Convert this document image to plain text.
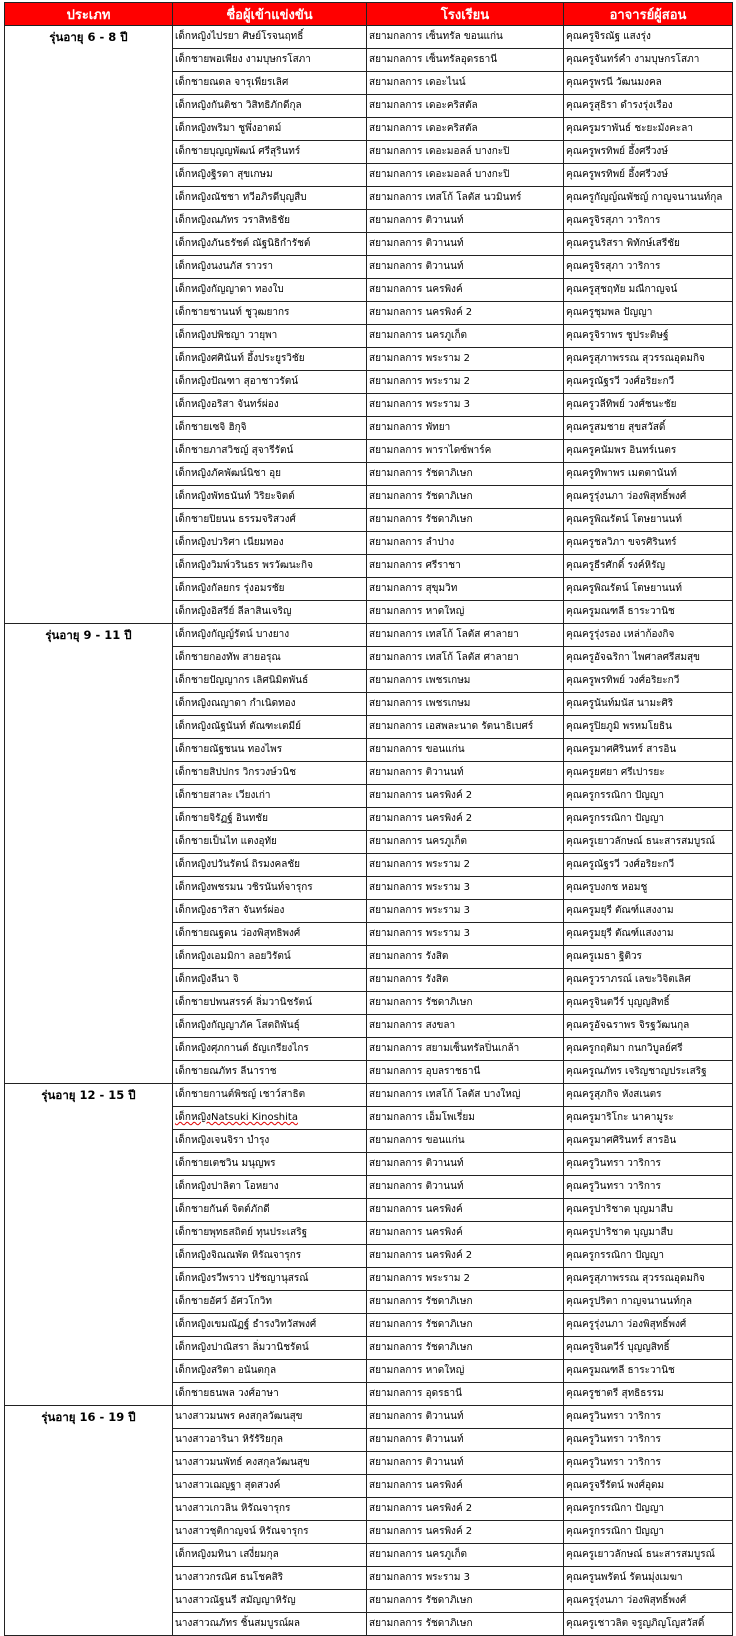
ประเภท	ชื่อผู้เข้าแข่งขัน	โรงเรียน	อาจารย์ผู้สอน
รุ่นอายุ 6 - 8 ปี	เด็กหญิงไปรยา ศิษย์โรจนฤทธิ์	สยามกลการ เซ็นทรัล ขอนแก่น	คุณครูจิรณัฐ แสงรุ่ง
	เด็กชายพอเพียง งามบุษกรโสภา	สยามกลการ เซ็นทรัลอุดรธานี	คุณครูจันทร์คำ งามบุษกรโสภา
	เด็กชายณดล จารุเพียรเลิศ	สยามกลการ เดอะไนน์	คุณครูพรนี วัฒนมงคล
	เด็กหญิงกันติชา วิสิทธิภักดีกุล	สยามกลการ เดอะคริสตัล	คุณครูสุธิรา ดำรงรุ่งเรือง
	เด็กหญิงพริมา ชูพึ่งอาตม์	สยามกลการ เดอะคริสตัล	คุณครูมราพันธ์ ชะยะมังคะลา
	เด็กชายบุญญพัฒน์ ศรีสุรินทร์	สยามกลการ เดอะมอลล์ บางกะปิ	คุณครูพรทิพย์ อึ้งศรีวงษ์
	เด็กหญิงฐิรดา สุขเกษม	สยามกลการ เดอะมอลล์ บางกะปิ	คุณครูพรทิพย์ อึ้งศรีวงษ์
	เด็กหญิงณัชชา ทวีอภิรดีบุญสืบ	สยามกลการ เทสโก้ โลตัส นวมินทร์	คุณครูกัญญ์ณพัชญ์ กาญจนานนท์กุล
	เด็กหญิงณภัทร วราสิทธิชัย	สยามกลการ ติวานนท์	คุณครูจิรสุภา วาริการ
	เด็กหญิงภันธรัชต์ ณัฐนิธิกำรัชต์	สยามกลการ ติวานนท์	คุณครูนริสรา พิทักษ์เสรีชัย
	เด็กหญิงนงนภัส ราวรา	สยามกลการ ติวานนท์	คุณครูจิรสุภา วาริการ
	เด็กหญิงกัญญาดา ทองใบ	สยามกลการ นครพิงค์	คุณครูสุชฤทัย มณีกาญจน์
	เด็กชายชานนท์ ชูวุฒยากร	สยามกลการ นครพิงค์ 2	คุณครูชุมพล ปัญญา
	เด็กหญิงปพิชญา วายุพา	สยามกลการ นครภูเก็ต	คุณครูจิราพร ชูประดิษฐ์
	เด็กหญิงศศินันท์ อึ้งประยูรวิชัย	สยามกลการ พระราม 2	คุณครูสุภาพรรณ สุวรรณอุดมกิจ
	เด็กหญิงปัณฑา สุอาชาวรัตน์	สยามกลการ พระราม 2	คุณครูณัฐรวี วงศ์อริยะกวี
	เด็กหญิงอริสา จันทร์ผ่อง	สยามกลการ พระราม 3	คุณครูวลีทิพย์ วงศ์ชนะชัย
	เด็กชายเซจิ ฮิกุจิ	สยามกลการ พัทยา	คุณครูสมชาย สุขสวัสดิ์
	เด็กชายภาสวิชญ์ สุจารีรัตน์	สยามกลการ พาราไดซ์พาร์ค	คุณครูคนัมพร อินทร์เนตร
	เด็กหญิงภัคพัฒน์นิชา อุย	สยามกลการ รัชดาภิเษก	คุณครูทิพาพร เมตตานันท์
	เด็กหญิงพัทธนันท์ วิริยะจิตต์	สยามกลการ รัชดาภิเษก	คุณครูรุ่งนภา ว่องพิสุทธิ์พงศ์
	เด็กชายปิยนน ธรรมจริสวงศ์	สยามกลการ รัชดาภิเษก	คุณครูพิณรัตน์ โตษยานนท์
	เด็กหญิงปวริศา เนียมทอง	สยามกลการ ลำปาง	คุณครูชลวิภา ขจรศิรินทร์
	เด็กหญิงวิมพ์วรินธร พรวัฒนะกิจ	สยามกลการ ศรีราชา	คุณครูธีรศักดิ์ รงค์หิรัญ
	เด็กหญิงกัลยกร รุ่งอมรชัย	สยามกลการ สุขุมวิท	คุณครูพิณรัตน์ โตษยานนท์
	เด็กหญิงอิสรีย์ ลีลาสินเจริญ	สยามกลการ หาดใหญ่	คุณครูมณฑลี ธาระวานิช
รุ่นอายุ 9 - 11 ปี	เด็กหญิงกัญญ์รัตน์ บางยาง	สยามกลการ เทสโก้ โลตัส ศาลายา	คุณครูรุ่งรอง เหล่าก้องกิจ
	เด็กชายกองทัพ สายอรุณ	สยามกลการ เทสโก้ โลตัส ศาลายา	คุณครูอัจฉริกา ไพศาลศรีสมสุข
	เด็กชายปัญญากร เลิศนิมิตพันธ์	สยามกลการ เพชรเกษม	คุณครูพรทิพย์ วงศ์อริยะกวี
	เด็กหญิงณญาดา กำเนิดทอง	สยามกลการ เพชรเกษม	คุณครูนันท์มนัส นามะศิริ
	เด็กหญิงณัฐนันท์ ตัณฑะเตมีย์	สยามกลการ เอสพละนาด รัตนาธิเบศร์	คุณครูปิยภูมิ พรหมโยธิน
	เด็กชายณัฐชนน ทองไพร	สยามกลการ ขอนแก่น	คุณครูมาศศิรินทร์ สารอิน
	เด็กชายสิปปกร วิกรวงษ์วนิช	สยามกลการ ติวานนท์	คุณครูยศยา ศรีเปารยะ
	เด็กชายสาละ เวียงเก่า	สยามกลการ นครพิงค์ 2	คุณครูกรรณิกา ปัญญา
	เด็กชายจิรัฏฐ์ อินทชัย	สยามกลการ นครพิงค์ 2	คุณครูกรรณิกา ปัญญา
	เด็กชายเป็นไท แตงอุทัย	สยามกลการ นครภูเก็ต	คุณครูเยาวลักษณ์ ธนะสารสมบูรณ์
	เด็กหญิงปวันรัตน์ ถิรมงคลชัย	สยามกลการ พระราม 2	คุณครูณัฐรวี วงศ์อริยะกวี
	เด็กหญิงพชรมน วชิรนันท์จารุกร	สยามกลการ พระราม 3	คุณครูบงกช หอมชู
	เด็กหญิงธาริสา จันทร์ผ่อง	สยามกลการ พระราม 3	คุณครูมยุรี ตัณฑ์แสงงาม
	เด็กชายณฐดน ว่องพิสุทธิพงศ์	สยามกลการ พระราม 3	คุณครูมยุรี ตัณฑ์แสงงาม
	เด็กหญิงเอมมิกา ลอยวิรัตน์	สยามกลการ รังสิต	คุณครูเมธา ฐิติวร
	เด็กหญิงลีนา จิ	สยามกลการ รังสิต	คุณครูวราภรณ์ เลขะวิจิตเลิศ
	เด็กชายปพนสรรค์ ลิ่มวานิชรัตน์	สยามกลการ รัชดาภิเษก	คุณครูจินตวีร์ บุญญสิทธิ์
	เด็กหญิงกัญญาภัค โสตถิพันธุ์	สยามกลการ สงขลา	คุณครูอัจฉราพร จิรฐวัฒนกุล
	เด็กหญิงศุภกานต์ ธัญเกรียงไกร	สยามกลการ สยามเซ็นทรัลปิ่นเกล้า	คุณครูกฤติมา กนกวิบูลย์ศรี
	เด็กชายณภัทร ลีนาราช	สยามกลการ อุบลราชธานี	คุณครูณภัทร เจริญชาญประเสริฐ
รุ่นอายุ 12 - 15 ปี	เด็กชายกานต์พิชญ์ เชาว์สาธิต	สยามกลการ เทสโก้ โลตัส บางใหญ่	คุณครูสุภกิจ หังสเนตร
	เด็กหญิงNatsuki Kinoshita	สยามกลการ เอ็มโพเรี่ยม	คุณครูมาริโกะ นาคามูระ
	เด็กหญิงเจนจิรา บำรุง	สยามกลการ ขอนแก่น	คุณครูมาศศิรินทร์ สารอิน
	เด็กชายเตชวิน มนุญพร	สยามกลการ ติวานนท์	คุณครูวินทรา วาริการ
	เด็กหญิงปาลิตา โอหยาง	สยามกลการ ติวานนท์	คุณครูวินทรา วาริการ
	เด็กชายกันต์ จิตต์ภักดี	สยามกลการ นครพิงค์	คุณครูปาริชาต บุญมาสืบ
	เด็กชายพุทธสถิตย์ ทุนประเสริฐ	สยามกลการ นครพิงค์	คุณครูปาริชาต บุญมาสืบ
	เด็กหญิงจิณณพัต หิรัณจารุกร	สยามกลการ นครพิงค์ 2	คุณครูกรรณิกา ปัญญา
	เด็กหญิงรวีพราว ปรัชญานุสรณ์	สยามกลการ พระราม 2	คุณครูสุภาพรรณ สุวรรณอุดมกิจ
	เด็กชายอัศว์ อัศวโกวิท	สยามกลการ รัชดาภิเษก	คุณครูปริตา กาญจนานนท์กุล
	เด็กหญิงเขมณัฏฐ์ ธำรงวิทวัสพงศ์	สยามกลการ รัชดาภิเษก	คุณครูรุ่งนภา ว่องพิสุทธิ์พงศ์
	เด็กหญิงปาณิสรา ลิ่มวานิชรัตน์	สยามกลการ รัชดาภิเษก	คุณครูจินตวีร์ บุญญสิทธิ์
	เด็กหญิงสริตา อนันตกุล	สยามกลการ หาดใหญ่	คุณครูมณฑลี ธาระวานิช
	เด็กชายธนพล วงศ์อาษา	สยามกลการ อุดรธานี	คุณครูชาตรี สุทธิธรรม
รุ่นอายุ 16 - 19 ปี	นางสาวมนพร คงสกุลวัฒนสุข	สยามกลการ ติวานนท์	คุณครูวินทรา วาริการ
	นางสาวอารินา หิรัรัริยกุล	สยามกลการ ติวานนท์	คุณครูวินทรา วาริการ
	นางสาวมนพัทธ์ คงสกุลวัฒนสุข	สยามกลการ ติวานนท์	คุณครูวินทรา วาริการ
	นางสาวเฌญฐา สุดสวงค์	สยามกลการ นครพิงค์	คุณครูจรีรัตน์ พงศ์อุดม
	นางสาวเกวลิน หิรัณจารุกร	สยามกลการ นครพิงค์ 2	คุณครูกรรณิกา ปัญญา
	นางสาวชุติกาญจน์ หิรัณจารุกร	สยามกลการ นครพิงค์ 2	คุณครูกรรณิกา ปัญญา
	เด็กหญิงมทินา เสงี่ยมกุล	สยามกลการ นครภูเก็ต	คุณครูเยาวลักษณ์ ธนะสารสมบูรณ์
	นางสาวกรณิศ ธนโชคสิริ	สยามกลการ พระราม 3	คุณครูนพรัตน์ รัตนมุ่งเมฆา
	นางสาวณัฐนรี สมัญญาหิรัญ	สยามกลการ รัชดาภิเษก	คุณครูรุ่งนภา ว่องพิสุทธิ์พงศ์
	นางสาวณภัทร ชิ้นสมบูรณ์ผล	สยามกลการ รัชดาภิเษก	คุณครูเชาวลิต จรูญภิญโญสวัสดิ์
